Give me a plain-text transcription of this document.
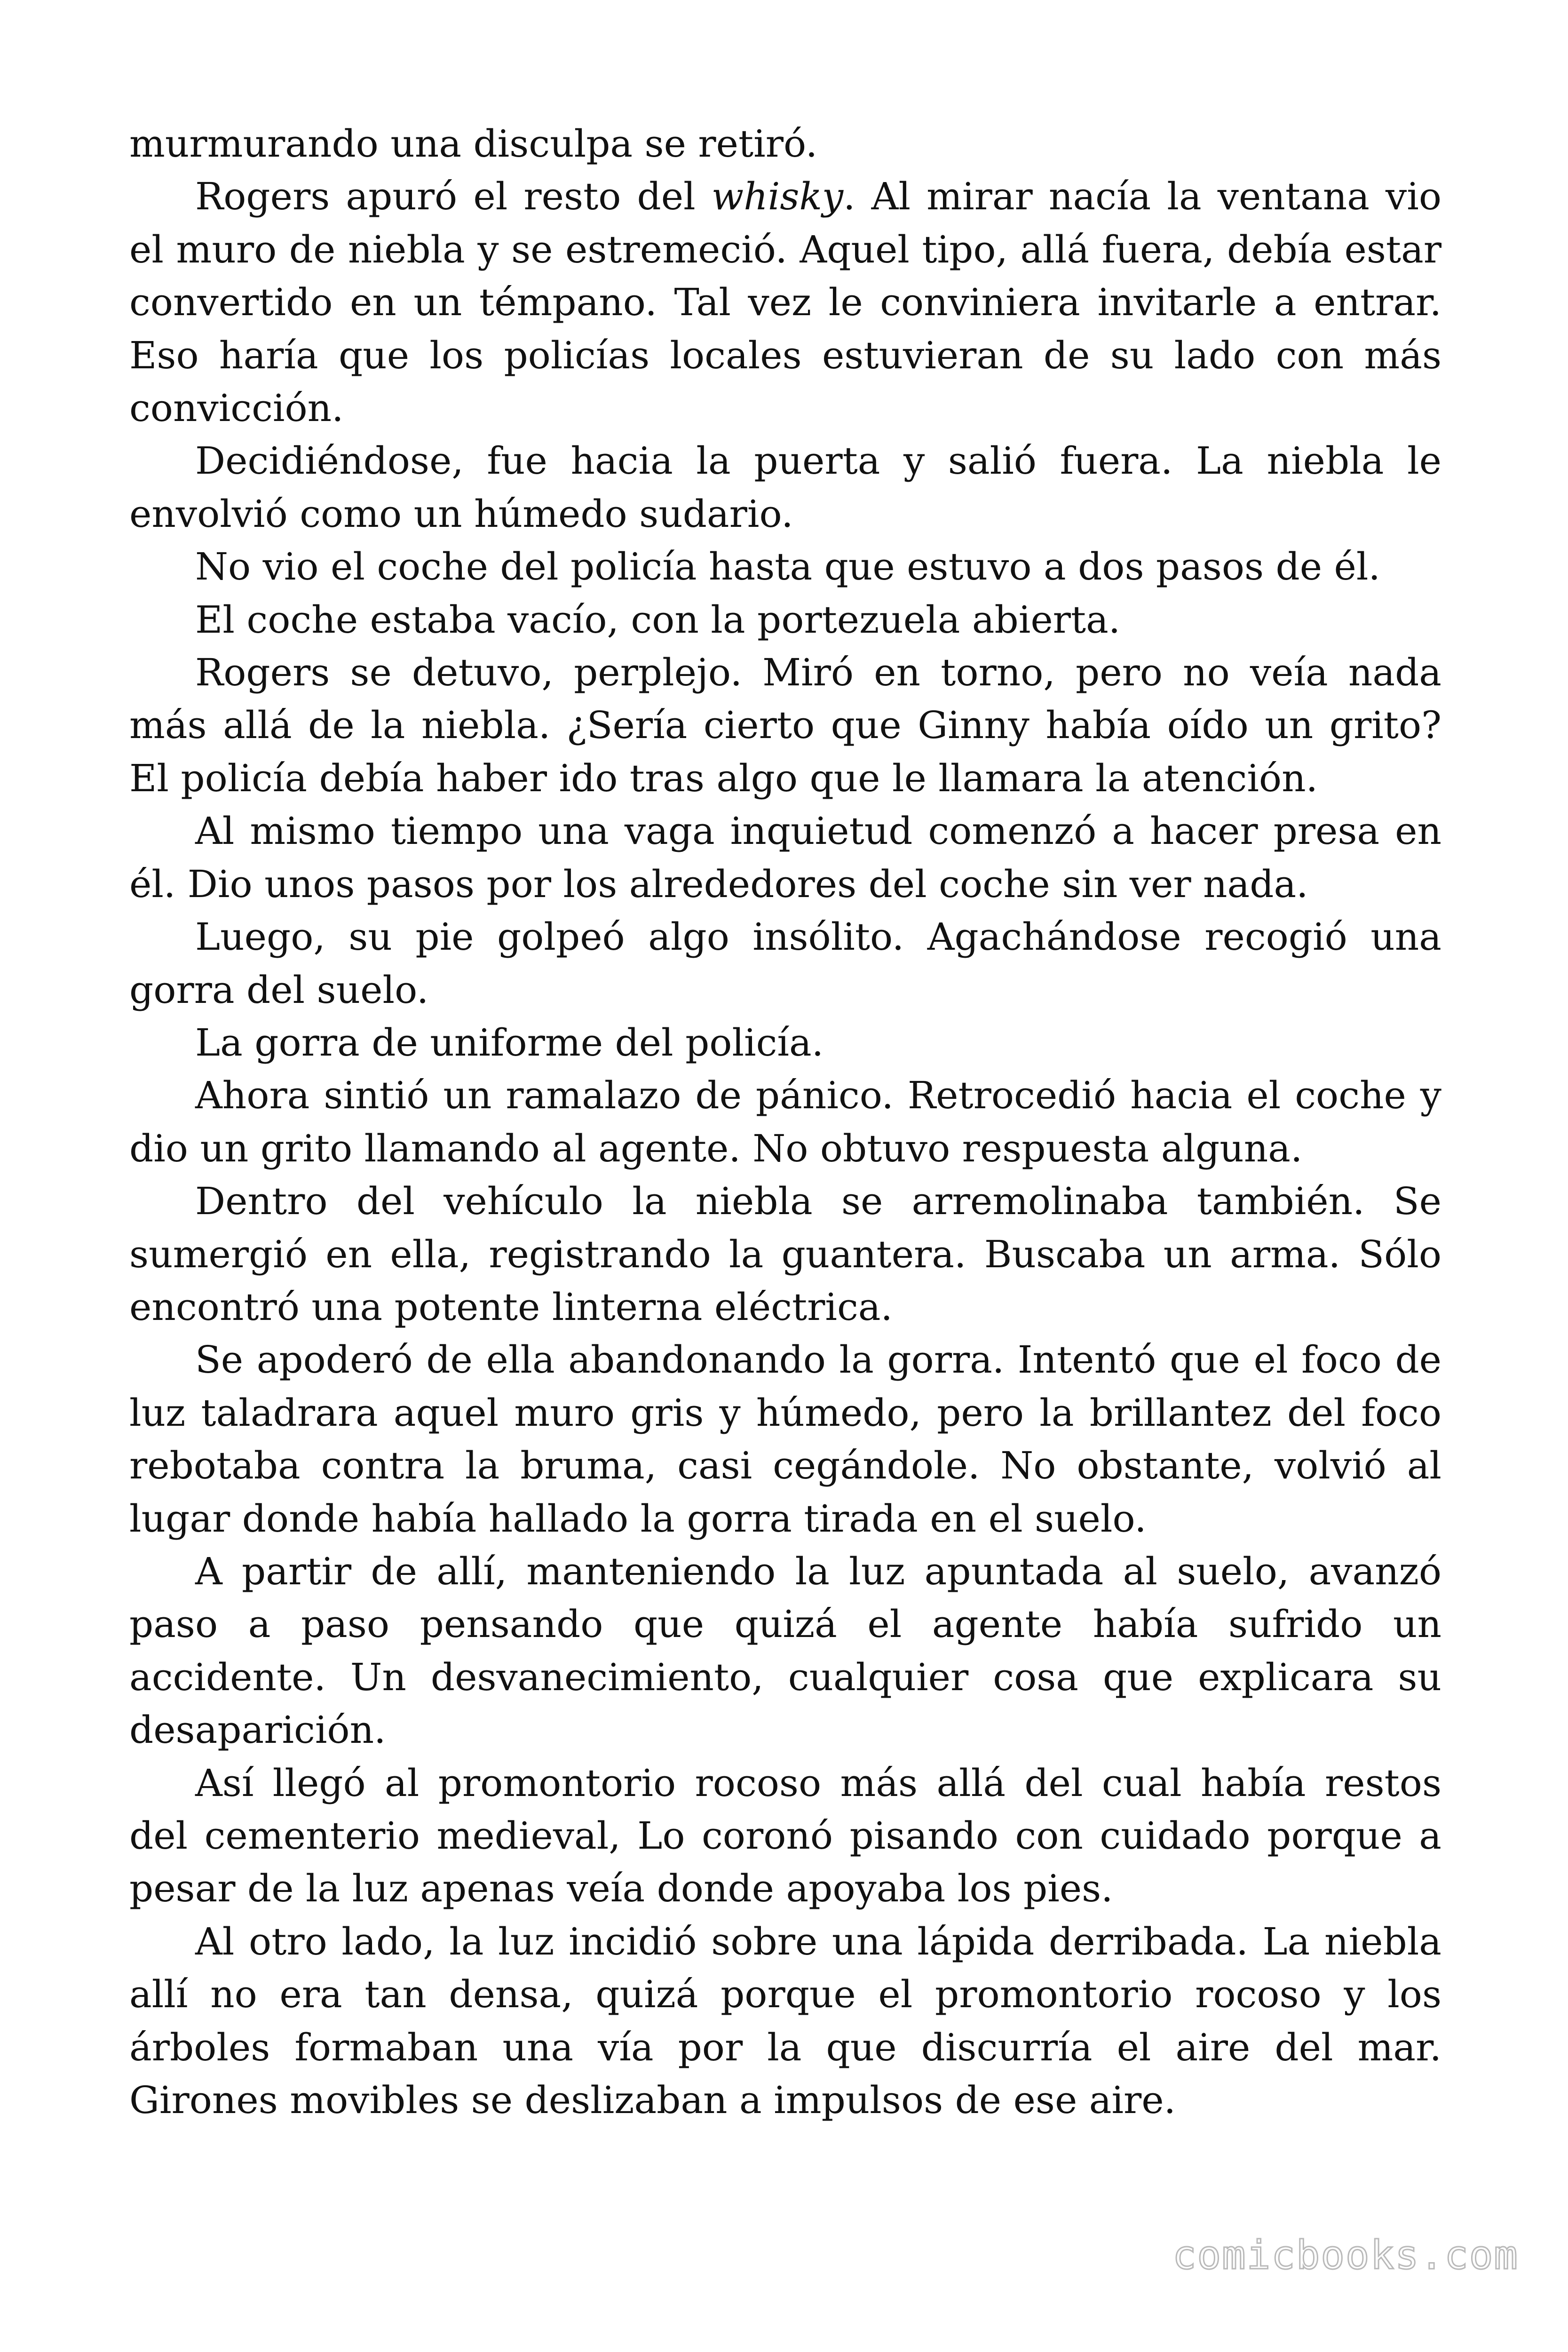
murmurando una disculpa se retiró.

Rogers apuró el resto del whisky. Al mirar nacía la ventana vio el muro de niebla y se estremeció. Aquel tipo, allá fuera, debía estar convertido en un témpano. Tal vez le conviniera invitarle a entrar. Eso haría que los policías locales estuvieran de su lado con más convicción.

Decidiéndose, fue hacia la puerta y salió fuera. La niebla le envolvió como un húmedo sudario.

No vio el coche del policía hasta que estuvo a dos pasos de él.

El coche estaba vacío, con la portezuela abierta.

Rogers se detuvo, perplejo. Miró en torno, pero no veía nada más allá de la niebla. ¿Sería cierto que Ginny había oído un grito? El policía debía haber ido tras algo que le llamara la atención.

Al mismo tiempo una vaga inquietud comenzó a hacer presa en él. Dio unos pasos por los alrededores del coche sin ver nada.

Luego, su pie golpeó algo insólito. Agachándose recogió una gorra del suelo.

La gorra de uniforme del policía.

Ahora sintió un ramalazo de pánico. Retrocedió hacia el coche y dio un grito llamando al agente. No obtuvo respuesta alguna.

Dentro del vehículo la niebla se arremolinaba también. Se sumergió en ella, registrando la guantera. Buscaba un arma. Sólo encontró una potente linterna eléctrica.

Se apoderó de ella abandonando la gorra. Intentó que el foco de luz taladrara aquel muro gris y húmedo, pero la brillantez del foco rebotaba contra la bruma, casi cegándole. No obstante, volvió al lugar donde había hallado la gorra tirada en el suelo.

A partir de allí, manteniendo la luz apuntada al suelo, avanzó paso a paso pensando que quizá el agente había sufrido un accidente. Un desvanecimiento, cualquier cosa que explicara su desaparición.

Así llegó al promontorio rocoso más allá del cual había restos del cementerio medieval, Lo coronó pisando con cuidado porque a pesar de la luz apenas veía donde apoyaba los pies.

Al otro lado, la luz incidió sobre una lápida derribada. La niebla allí no era tan densa, quizá porque el promontorio rocoso y los árboles formaban una vía por la que discurría el aire del mar. Girones movibles se deslizaban a impulsos de ese aire.

comicbooks.com
